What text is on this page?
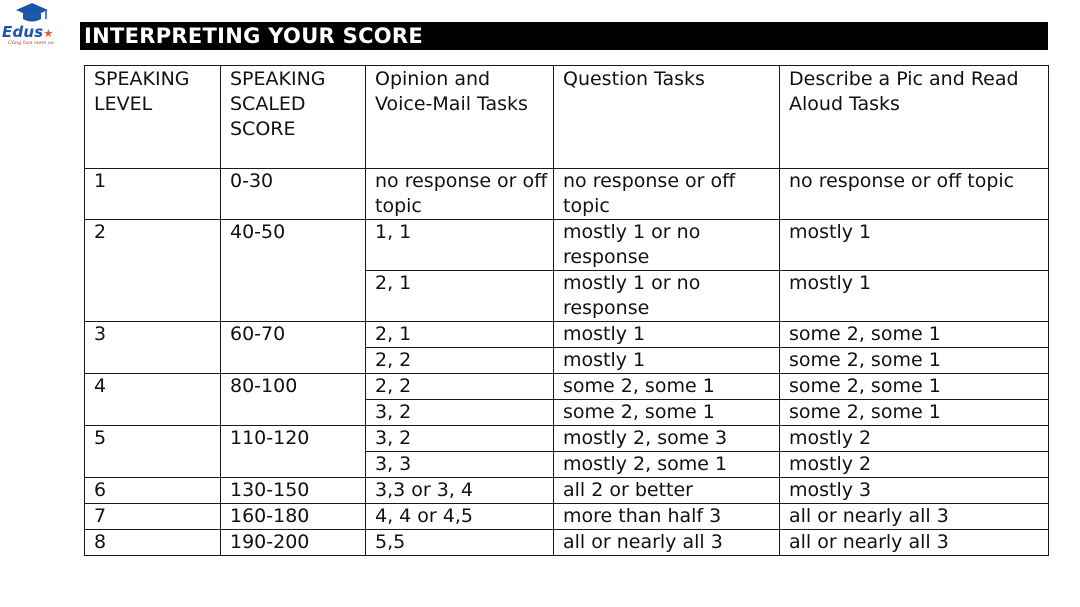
Edus★
Cùng bạn vươn xa INTERPRETING YOUR SCORE
SPEAKING LEVEL	SPEAKING SCALED SCORE	Opinion and Voice-Mail Tasks	Question Tasks	Describe a Pic and Read Aloud Tasks
1	0-30	no response or off topic	no response or off topic	no response or off topic
2	40-50	1, 1	mostly 1 or no response	mostly 1
		2, 1	mostly 1 or no response	mostly 1
3	60-70	2, 1	mostly 1	some 2, some 1
		2, 2	mostly 1	some 2, some 1
4	80-100	2, 2	some 2, some 1	some 2, some 1
		3, 2	some 2, some 1	some 2, some 1
5	110-120	3, 2	mostly 2, some 3	mostly 2
		3, 3	mostly 2, some 1	mostly 2
6	130-150	3,3 or 3, 4	all 2 or better	mostly 3
7	160-180	4, 4 or 4,5	more than half 3	all or nearly all 3
8	190-200	5,5	all or nearly all 3	all or nearly all 3
